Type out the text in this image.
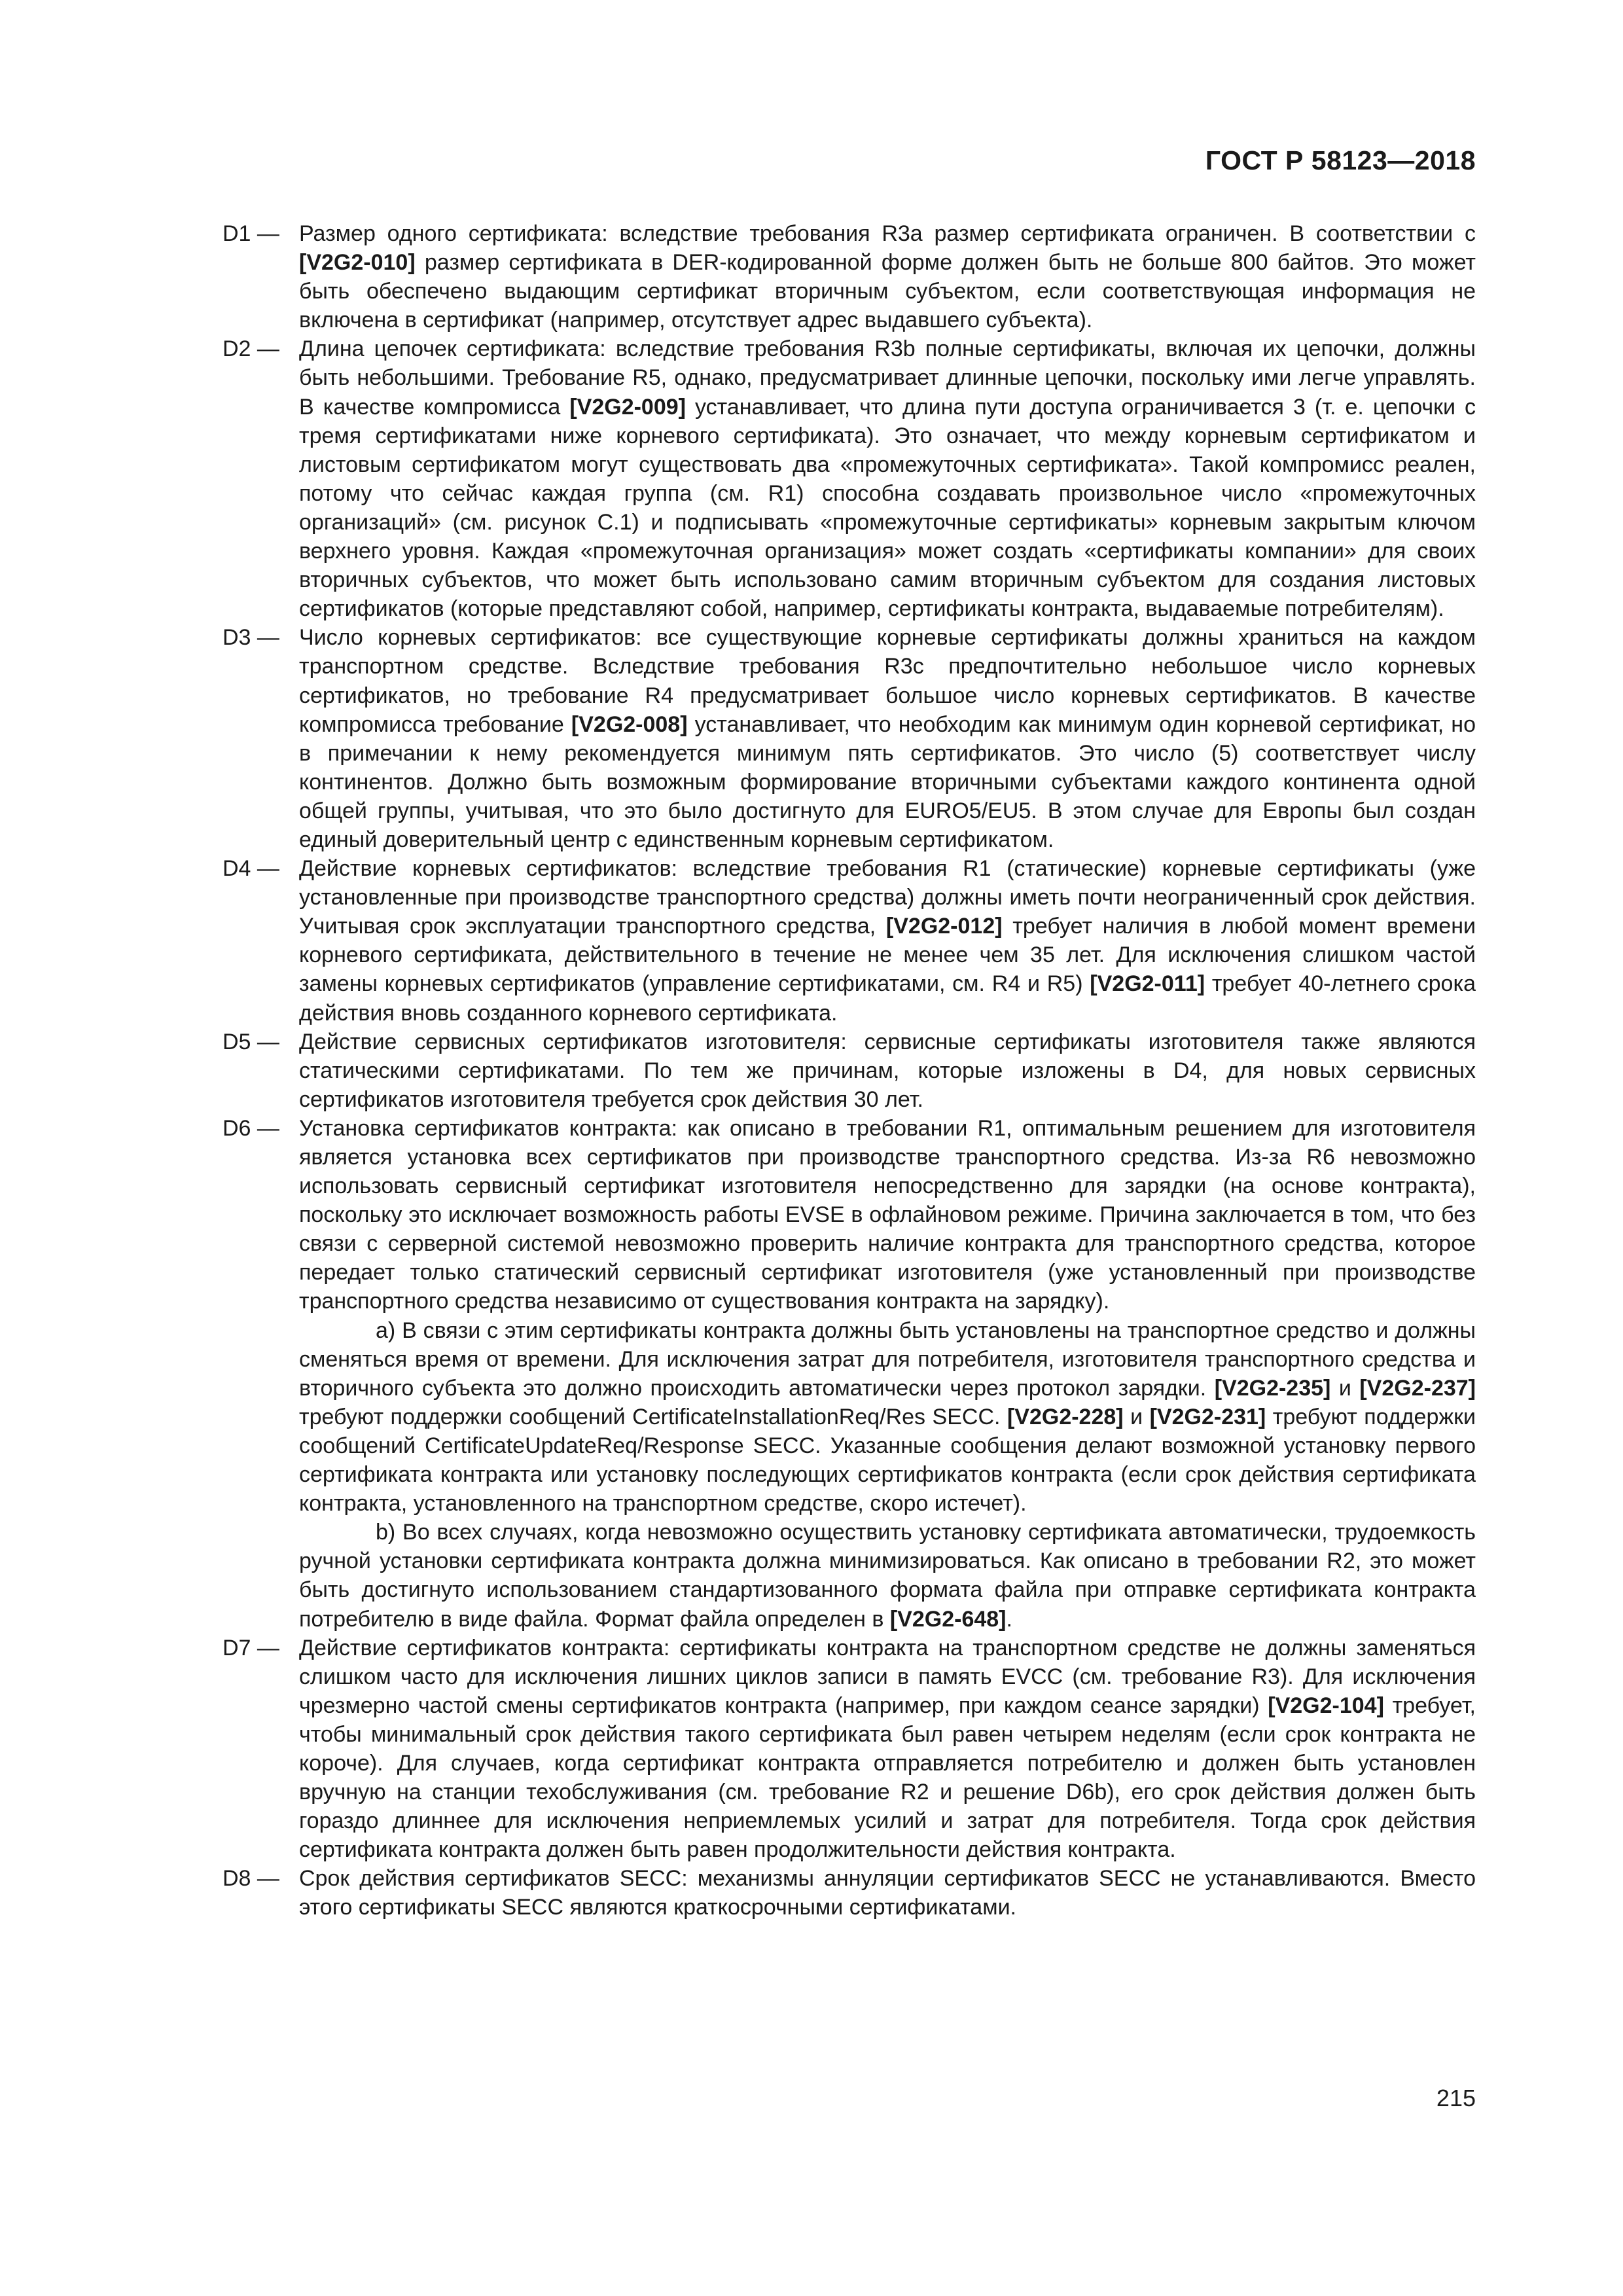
ГОСТ Р 58123—2018
D1 — Размер одного сертификата: вследствие требования R3a размер сертификата ограничен. В соответствии с [V2G2-010] размер сертификата в DER-кодированной форме должен быть не больше 800 байтов. Это может быть обеспечено выдающим сертификат вторичным субъектом, если соответствующая информация не включена в сертификат (например, отсутствует адрес выдавшего субъекта).
D2 — Длина цепочек сертификата: вследствие требования R3b полные сертификаты, включая их цепочки, должны быть небольшими. Требование R5, однако, предусматривает длинные цепочки, поскольку ими легче управлять. В качестве компромисса [V2G2-009] устанавливает, что длина пути доступа ограничивается 3 (т. е. цепочки с тремя сертификатами ниже корневого сертификата). Это означает, что между корневым сертификатом и листовым сертификатом могут существовать два «промежуточных сертификата». Такой компромисс реален, потому что сейчас каждая группа (см. R1) способна создавать произвольное число «промежуточных организаций» (см. рисунок C.1) и подписывать «промежуточные сертификаты» корневым закрытым ключом верхнего уровня. Каждая «промежуточная организация» может создать «сертификаты компании» для своих вторичных субъектов, что может быть использовано самим вторичным субъектом для создания листовых сертификатов (которые представляют собой, например, сертификаты контракта, выдаваемые потребителям).
D3 — Число корневых сертификатов: все существующие корневые сертификаты должны храниться на каждом транспортном средстве. Вследствие требования R3c предпочтительно небольшое число корневых сертификатов, но требование R4 предусматривает большое число корневых сертификатов. В качестве компромисса требование [V2G2-008] устанавливает, что необходим как минимум один корневой сертификат, но в примечании к нему рекомендуется минимум пять сертификатов. Это число (5) соответствует числу континентов. Должно быть возможным формирование вторичными субъектами каждого континента одной общей группы, учитывая, что это было достигнуто для EURO5/EU5. В этом случае для Европы был создан единый доверительный центр с единственным корневым сертификатом.
D4 — Действие корневых сертификатов: вследствие требования R1 (статические) корневые сертификаты (уже установленные при производстве транспортного средства) должны иметь почти неограниченный срок действия. Учитывая срок эксплуатации транспортного средства, [V2G2-012] требует наличия в любой момент времени корневого сертификата, действительного в течение не менее чем 35 лет. Для исключения слишком частой замены корневых сертификатов (управление сертификатами, см. R4 и R5) [V2G2-011] требует 40-летнего срока действия вновь созданного корневого сертификата.
D5 — Действие сервисных сертификатов изготовителя: сервисные сертификаты изготовителя также являются статическими сертификатами. По тем же причинам, которые изложены в D4, для новых сервисных сертификатов изготовителя требуется срок действия 30 лет.
D6 — Установка сертификатов контракта: как описано в требовании R1, оптимальным решением для изготовителя является установка всех сертификатов при производстве транспортного средства. Из-за R6 невозможно использовать сервисный сертификат изготовителя непосредственно для зарядки (на основе контракта), поскольку это исключает возможность работы EVSE в офлайновом режиме. Причина заключается в том, что без связи с серверной системой невозможно проверить наличие контракта для транспортного средства, которое передает только статический сервисный сертификат изготовителя (уже установленный при производстве транспортного средства независимо от существования контракта на зарядку).
a) В связи с этим сертификаты контракта должны быть установлены на транспортное средство и должны сменяться время от времени. Для исключения затрат для потребителя, изготовителя транспортного средства и вторичного субъекта это должно происходить автоматически через протокол зарядки. [V2G2-235] и [V2G2-237] требуют поддержки сообщений CertificateInstallationReq/Res SECC. [V2G2-228] и [V2G2-231] требуют поддержки сообщений CertificateUpdateReq/Response SECC. Указанные сообщения делают возможной установку первого сертификата контракта или установку последующих сертификатов контракта (если срок действия сертификата контракта, установленного на транспортном средстве, скоро истечет).
b) Во всех случаях, когда невозможно осуществить установку сертификата автоматически, трудоемкость ручной установки сертификата контракта должна минимизироваться. Как описано в требовании R2, это может быть достигнуто использованием стандартизованного формата файла при отправке сертификата контракта потребителю в виде файла. Формат файла определен в [V2G2-648].
D7 — Действие сертификатов контракта: сертификаты контракта на транспортном средстве не должны заменяться слишком часто для исключения лишних циклов записи в память EVCC (см. требование R3). Для исключения чрезмерно частой смены сертификатов контракта (например, при каждом сеансе зарядки) [V2G2-104] требует, чтобы минимальный срок действия такого сертификата был равен четырем неделям (если срок контракта не короче). Для случаев, когда сертификат контракта отправляется потребителю и должен быть установлен вручную на станции техобслуживания (см. требование R2 и решение D6b), его срок действия должен быть гораздо длиннее для исключения неприемлемых усилий и затрат для потребителя. Тогда срок действия сертификата контракта должен быть равен продолжительности действия контракта.
D8 — Срок действия сертификатов SECC: механизмы аннуляции сертификатов SECC не устанавливаются. Вместо этого сертификаты SECC являются краткосрочными сертификатами.
215
